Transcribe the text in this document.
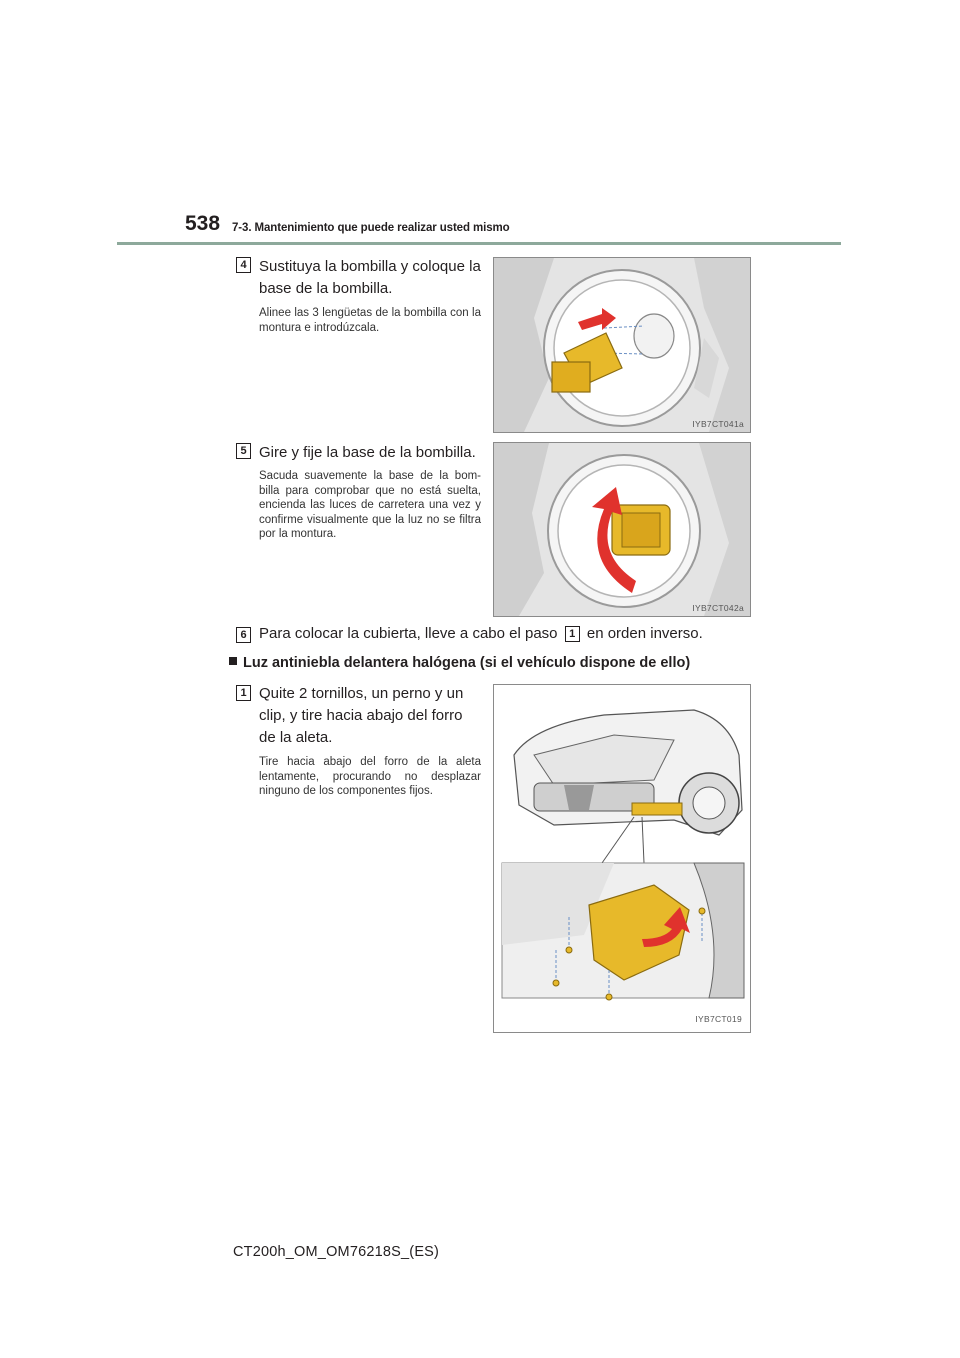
538 7-3. Mantenimiento que puede realizar usted mismo
4 Sustituya la bombilla y coloque la base de la bombilla.
Alinee las 3 lengüetas de la bombilla con la montura e introdúzcala.
IYB7CT041a
5 Gire y fije la base de la bombilla.
Sacuda suavemente la base de la bom-billa para comprobar que no está suelta, encienda las luces de carretera una vez y confirme visualmente que la luz no se filtra por la montura.
IYB7CT042a
6 Para colocar la cubierta, lleve a cabo el paso 1 en orden inverso.
Luz antiniebla delantera halógena (si el vehículo dispone de ello)
1 Quite 2 tornillos, un perno y un clip, y tire hacia abajo del forro de la aleta.
Tire hacia abajo del forro de la aleta lentamente, procurando no desplazar ninguno de los componentes fijos.
IYB7CT019
CT200h_OM_OM76218S_(ES)
